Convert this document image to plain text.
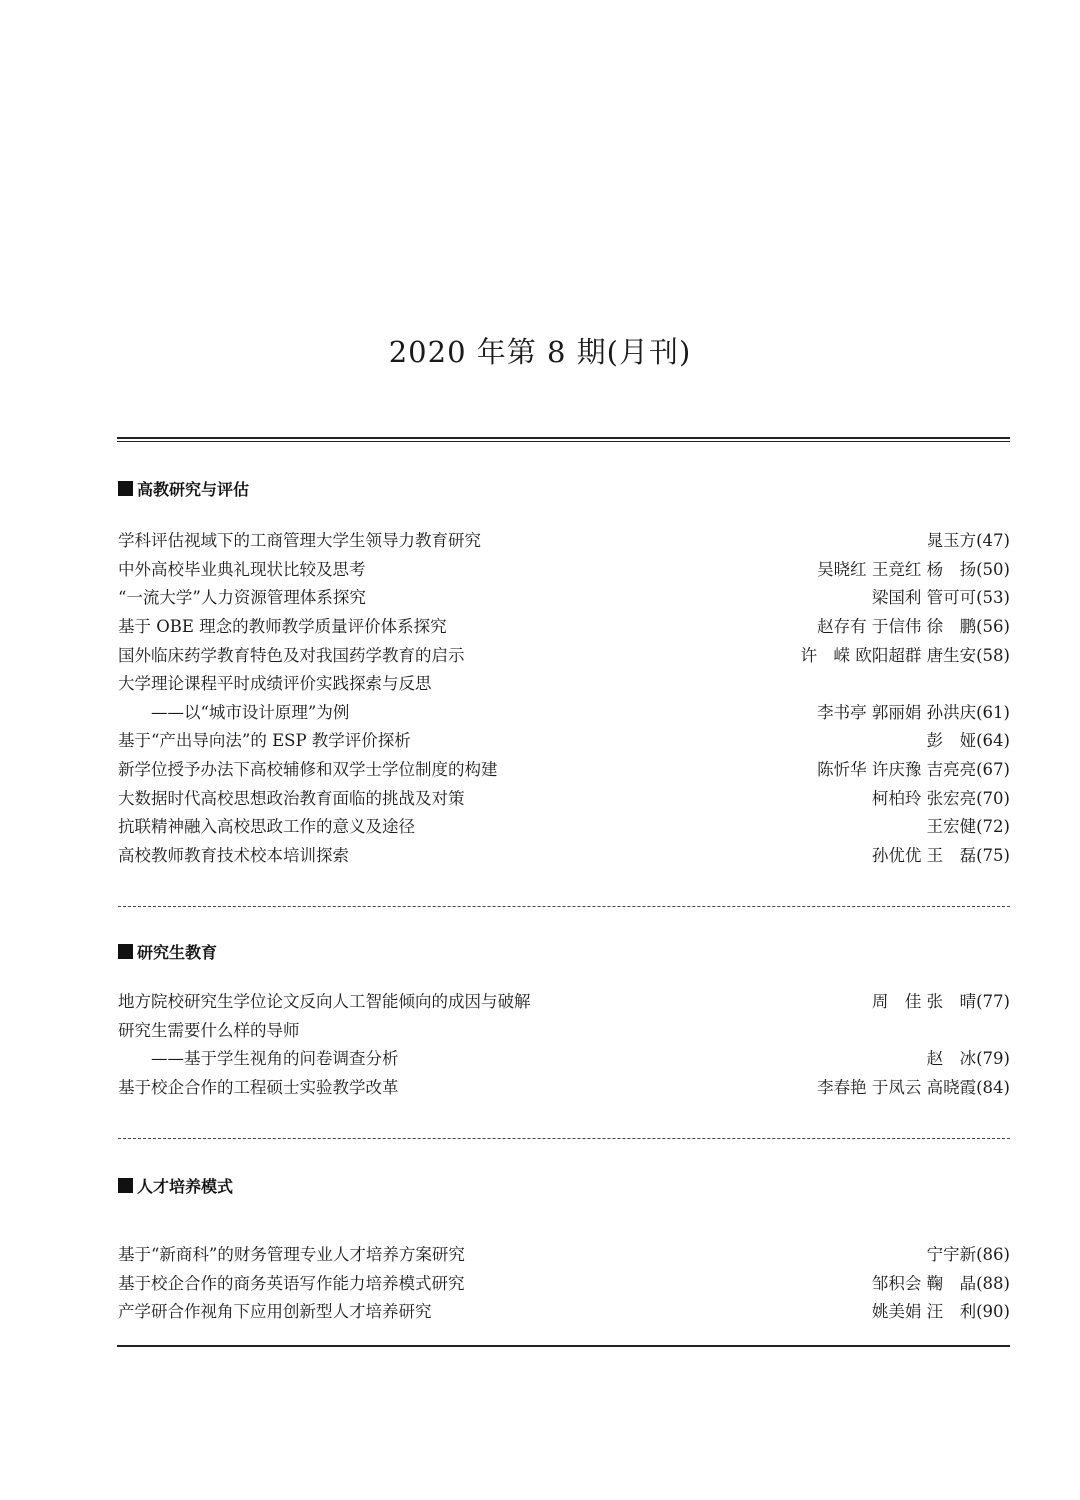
2020 年第 8 期(月刊)
高教研究与评估
学科评估视域下的工商管理大学生领导力教育研究	晁玉方(47)
中外高校毕业典礼现状比较及思考	吴晓红 王竞红 杨　扬(50)
“一流大学”人力资源管理体系探究	梁国利 管可可(53)
基于 OBE 理念的教师教学质量评价体系探究	赵存有 于信伟 徐　鹏(56)
国外临床药学教育特色及对我国药学教育的启示	许　嵘 欧阳超群 唐生安(58)
大学理论课程平时成绩评价实践探索与反思
——以“城市设计原理”为例	李书亭 郭丽娟 孙洪庆(61)
基于“产出导向法”的 ESP 教学评价探析	彭　娅(64)
新学位授予办法下高校辅修和双学士学位制度的构建	陈忻华 许庆豫 吉亮亮(67)
大数据时代高校思想政治教育面临的挑战及对策	柯柏玲 张宏亮(70)
抗联精神融入高校思政工作的意义及途径	王宏健(72)
高校教师教育技术校本培训探索	孙优优 王　磊(75)
研究生教育
地方院校研究生学位论文反向人工智能倾向的成因与破解	周　佳 张　晴(77)
研究生需要什么样的导师
——基于学生视角的问卷调查分析	赵　冰(79)
基于校企合作的工程硕士实验教学改革	李春艳 于凤云 高晓霞(84)
人才培养模式
基于“新商科”的财务管理专业人才培养方案研究	宁宇新(86)
基于校企合作的商务英语写作能力培养模式研究	邹积会 鞠　晶(88)
产学研合作视角下应用创新型人才培养研究	姚美娟 汪　利(90)
